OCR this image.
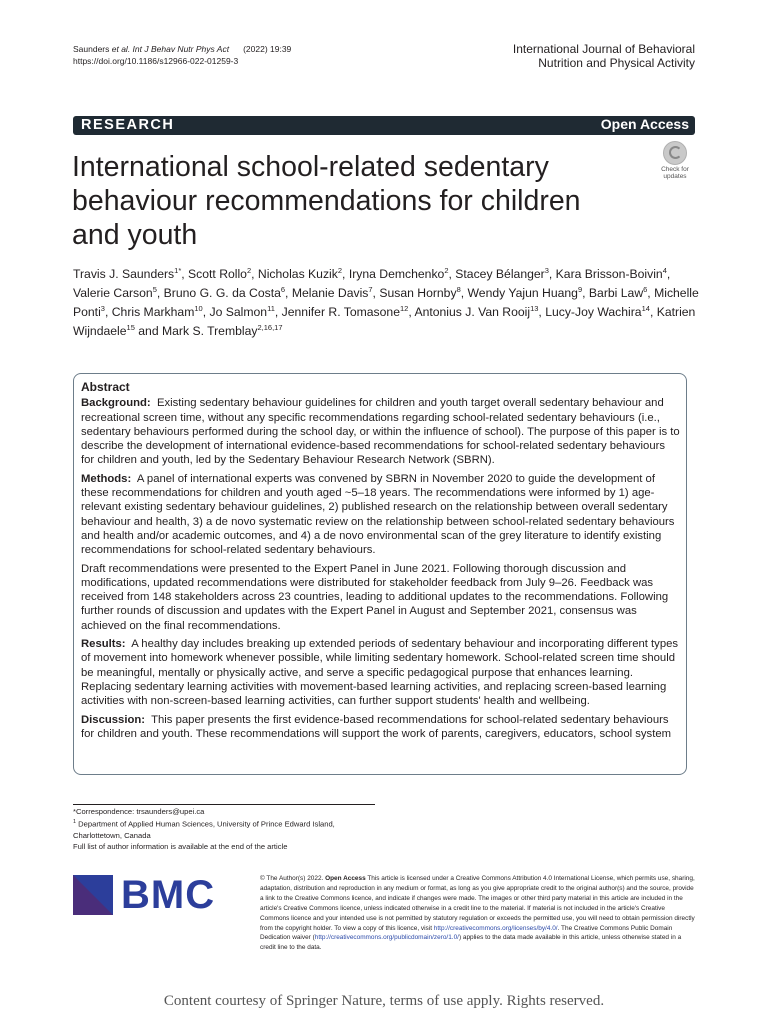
Saunders et al. Int J Behav Nutr Phys Act (2022) 19:39
https://doi.org/10.1186/s12966-022-01259-3
International Journal of Behavioral
Nutrition and Physical Activity
RESEARCH	Open Access
International school-related sedentary behaviour recommendations for children and youth
Check for
updates
Travis J. Saunders$^{1*}$, Scott Rollo$^2$, Nicholas Kuzik$^2$, Iryna Demchenko$^2$, Stacey Bélanger$^3$, Kara Brisson-Boivin$^4$, Valerie Carson$^5$, Bruno G. G. da Costa$^6$, Melanie Davis$^7$, Susan Hornby$^8$, Wendy Yajun Huang$^9$, Barbi Law$^6$, Michelle Ponti$^3$, Chris Markham$^{10}$, Jo Salmon$^{11}$, Jennifer R. Tomasone$^{12}$, Antonius J. Van Rooij$^{13}$, Lucy-Joy Wachira$^{14}$, Katrien Wijndaele$^{15}$ and Mark S. Tremblay$^{2,16,17}$
Abstract

Background: Existing sedentary behaviour guidelines for children and youth target overall sedentary behaviour and recreational screen time, without any specific recommendations regarding school-related sedentary behaviours (i.e., sedentary behaviours performed during the school day, or within the influence of school). The purpose of this paper is to describe the development of international evidence-based recommendations for school-related sedentary behaviours for children and youth, led by the Sedentary Behaviour Research Network (SBRN).

Methods: A panel of international experts was convened by SBRN in November 2020 to guide the development of these recommendations for children and youth aged ~5–18 years. The recommendations were informed by 1) age-relevant existing sedentary behaviour guidelines, 2) published research on the relationship between overall sedentary behaviour and health, 3) a de novo systematic review on the relationship between school-related sedentary behaviours and health and/or academic outcomes, and 4) a de novo environmental scan of the grey literature to identify existing recommendations for school-related sedentary behaviours.

Draft recommendations were presented to the Expert Panel in June 2021. Following thorough discussion and modifications, updated recommendations were distributed for stakeholder feedback from July 9–26. Feedback was received from 148 stakeholders across 23 countries, leading to additional updates to the recommendations. Following further rounds of discussion and updates with the Expert Panel in August and September 2021, consensus was achieved on the final recommendations.

Results: A healthy day includes breaking up extended periods of sedentary behaviour and incorporating different types of movement into homework whenever possible, while limiting sedentary homework. School-related screen time should be meaningful, mentally or physically active, and serve a specific pedagogical purpose that enhances learning. Replacing sedentary learning activities with movement-based learning activities, and replacing screen-based learning activities with non-screen-based learning activities, can further support students' health and wellbeing.

Discussion: This paper presents the first evidence-based recommendations for school-related sedentary behaviours for children and youth. These recommendations will support the work of parents, caregivers, educators, school system

*Correspondence: trsaunders@upei.ca
$^1$ Department of Applied Human Sciences, University of Prince Edward Island, Charlottetown, Canada
Full list of author information is available at the end of the article
BMC	© The Author(s) 2022. Open Access This article is licensed under a Creative Commons Attribution 4.0 International License, which permits use, sharing, adaptation, distribution and reproduction in any medium or format, as long as you give appropriate credit to the original author(s) and the source, provide a link to the Creative Commons licence, and indicate if changes were made. The images or other third party material in this article are included in the article's Creative Commons licence, unless indicated otherwise in a credit line to the material. If material is not included in the article's Creative Commons licence and your intended use is not permitted by statutory regulation or exceeds the permitted use, you will need to obtain permission directly from the copyright holder. To view a copy of this licence, visit http://creativecommons.org/licenses/by/4.0/. The Creative Commons Public Domain Dedication waiver (http://creativecommons.org/publicdomain/zero/1.0/) applies to the data made available in this article, unless otherwise stated in a credit line to the data.
Content courtesy of Springer Nature, terms of use apply. Rights reserved.
